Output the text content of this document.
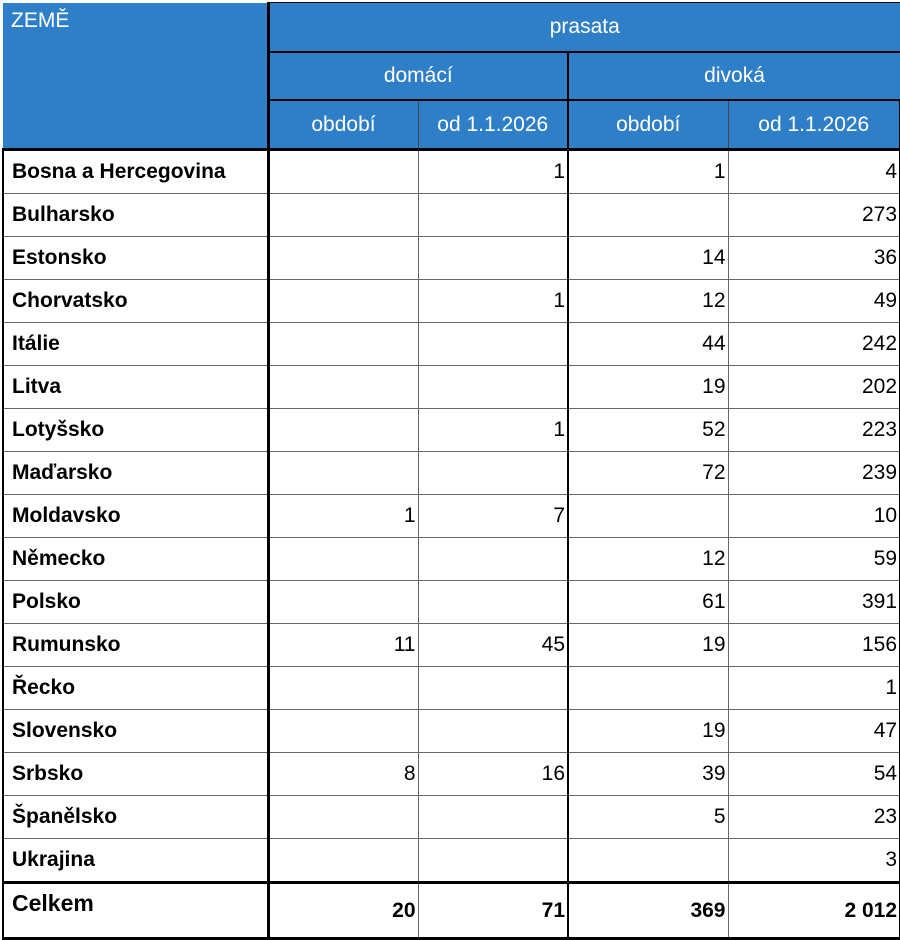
ZEMĚ	prasata			
	domácí		divoká	
	období	od 1.1.2026	období	od 1.1.2026
Bosna a Hercegovina		1	1	4
Bulharsko				273
Estonsko			14	36
Chorvatsko		1	12	49
Itálie			44	242
Litva			19	202
Lotyšsko		1	52	223
Maďarsko			72	239
Moldavsko	1	7		10
Německo			12	59
Polsko			61	391
Rumunsko	11	45	19	156
Řecko				1
Slovensko			19	47
Srbsko	8	16	39	54
Španělsko			5	23
Ukrajina				3
Celkem	20	71	369	2 012
